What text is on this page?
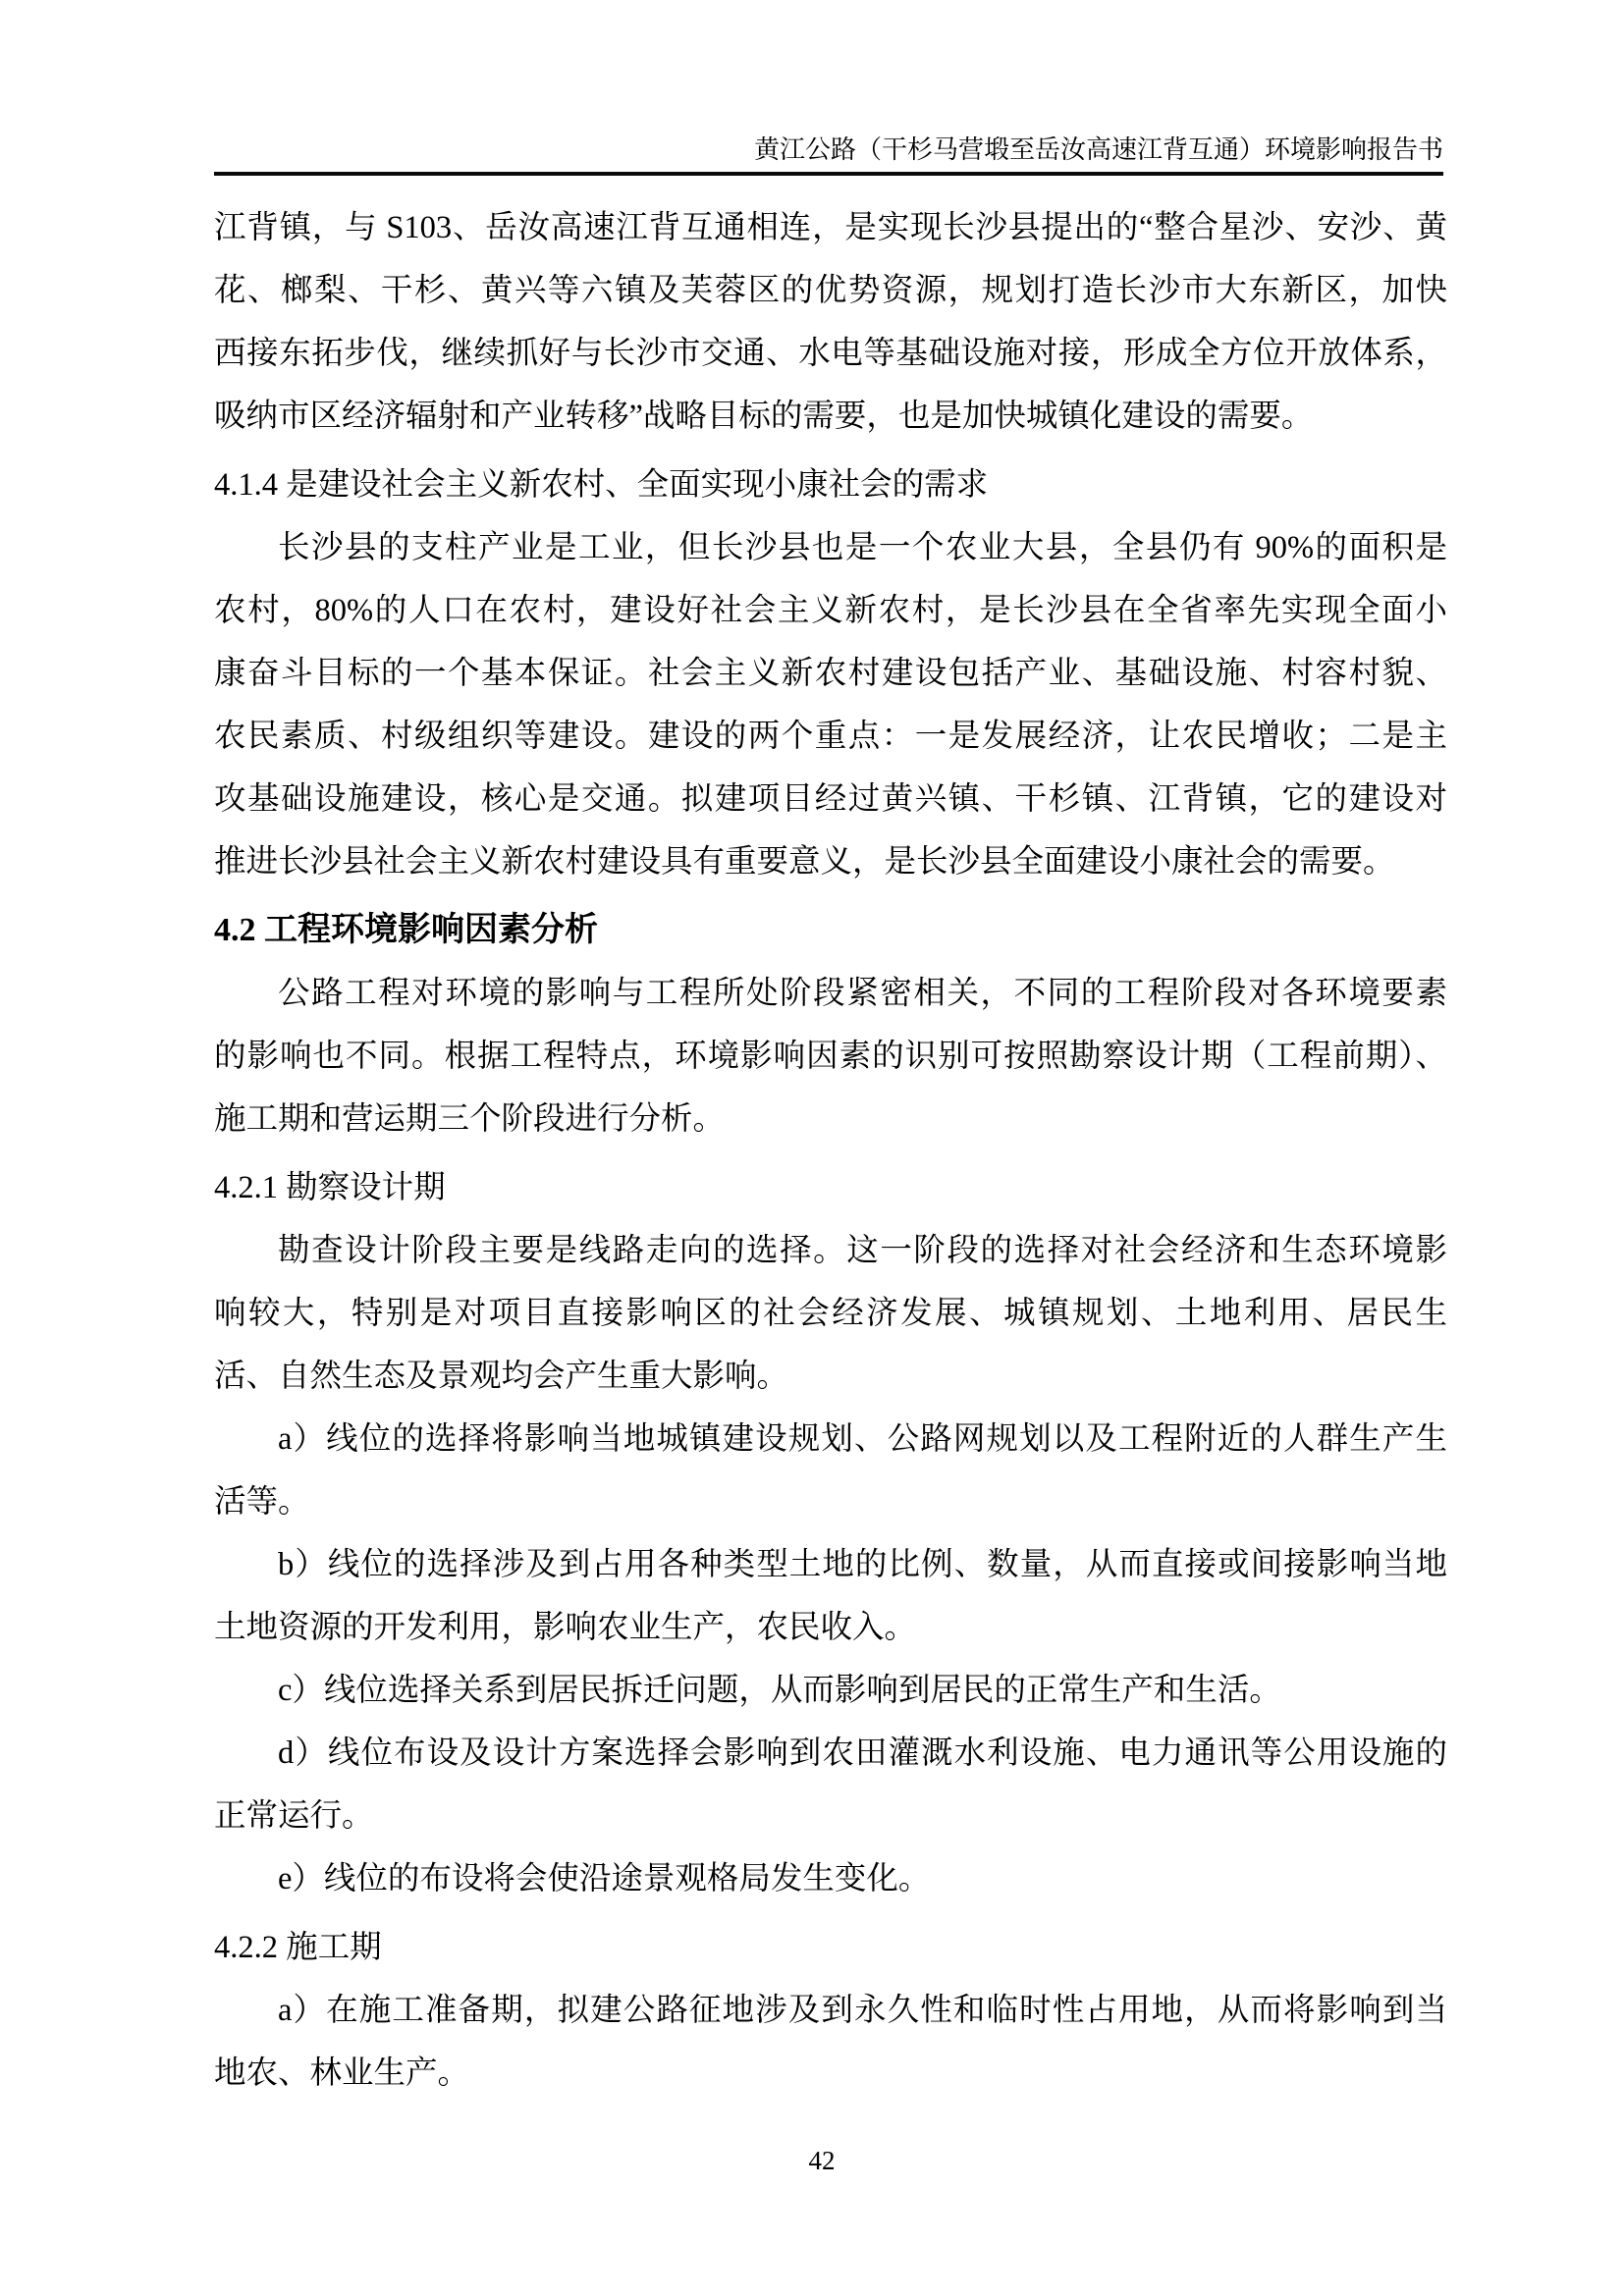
黄江公路（干杉马营塅至岳汝高速江背互通）环境影响报告书
江背镇，与 S103、岳汝高速江背互通相连，是实现长沙县提出的“整合星沙、安沙、黄
花、榔梨、干杉、黄兴等六镇及芙蓉区的优势资源，规划打造长沙市大东新区，加快
西接东拓步伐，继续抓好与长沙市交通、水电等基础设施对接，形成全方位开放体系，
吸纳市区经济辐射和产业转移”战略目标的需要，也是加快城镇化建设的需要。
4.1.4 是建设社会主义新农村、全面实现小康社会的需求
长沙县的支柱产业是工业，但长沙县也是一个农业大县，全县仍有 90%的面积是
农村，80%的人口在农村，建设好社会主义新农村，是长沙县在全省率先实现全面小
康奋斗目标的一个基本保证。社会主义新农村建设包括产业、基础设施、村容村貌、
农民素质、村级组织等建设。建设的两个重点：一是发展经济，让农民增收；二是主
攻基础设施建设，核心是交通。拟建项目经过黄兴镇、干杉镇、江背镇，它的建设对
推进长沙县社会主义新农村建设具有重要意义，是长沙县全面建设小康社会的需要。
4.2 工程环境影响因素分析
公路工程对环境的影响与工程所处阶段紧密相关，不同的工程阶段对各环境要素
的影响也不同。根据工程特点，环境影响因素的识别可按照勘察设计期（工程前期）、
施工期和营运期三个阶段进行分析。
4.2.1 勘察设计期
勘查设计阶段主要是线路走向的选择。这一阶段的选择对社会经济和生态环境影
响较大，特别是对项目直接影响区的社会经济发展、城镇规划、土地利用、居民生
活、自然生态及景观均会产生重大影响。
a）线位的选择将影响当地城镇建设规划、公路网规划以及工程附近的人群生产生
活等。
b）线位的选择涉及到占用各种类型土地的比例、数量，从而直接或间接影响当地
土地资源的开发利用，影响农业生产，农民收入。
c）线位选择关系到居民拆迁问题，从而影响到居民的正常生产和生活。
d）线位布设及设计方案选择会影响到农田灌溉水利设施、电力通讯等公用设施的
正常运行。
e）线位的布设将会使沿途景观格局发生变化。
4.2.2 施工期
a）在施工准备期，拟建公路征地涉及到永久性和临时性占用地，从而将影响到当
地农、林业生产。
42
